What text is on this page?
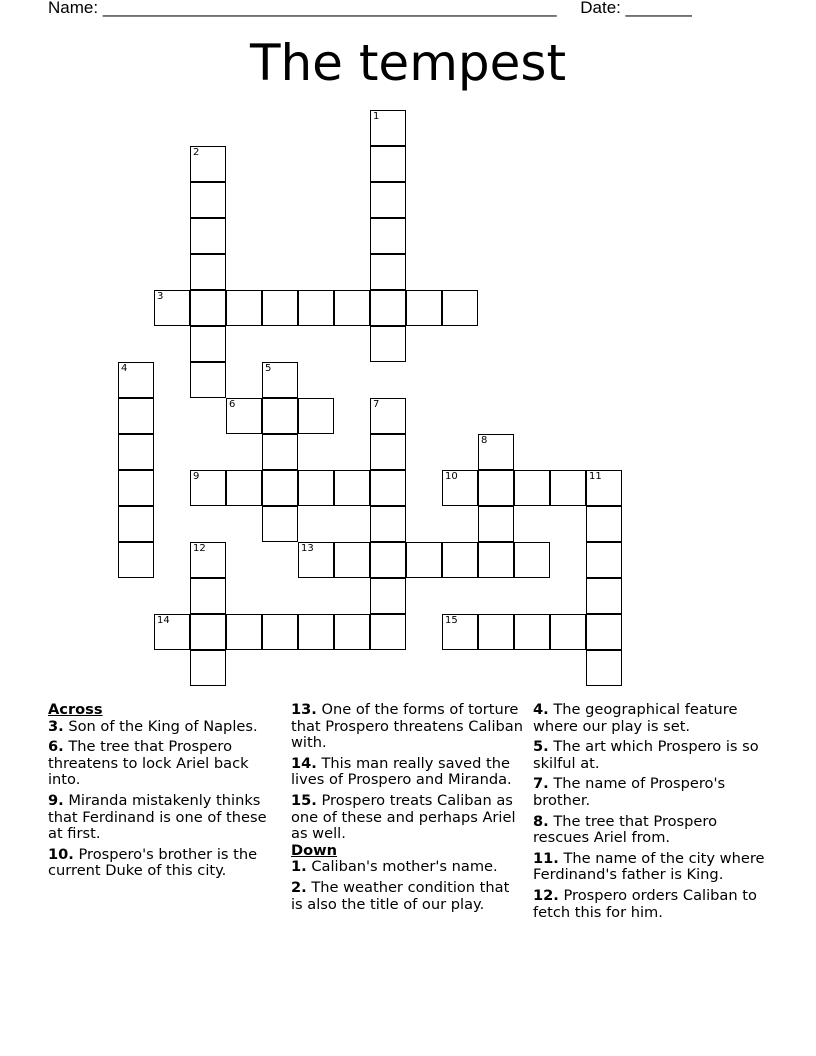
Name: ________________________________________________ Date: _______
The tempest
1
2
3
4	5
6	7
8
9	10	11
12	13
14	15
Across
3. Son of the King of Naples.
6. The tree that Prospero threatens to lock Ariel back into.
9. Miranda mistakenly thinks that Ferdinand is one of these at first.
10. Prospero's brother is the current Duke of this city.
13. One of the forms of torture that Prospero threatens Caliban with.
14. This man really saved the lives of Prospero and Miranda.
15. Prospero treats Caliban as one of these and perhaps Ariel as well.
Down
1. Caliban's mother's name.
2. The weather condition that is also the title of our play.
4. The geographical feature where our play is set.
5. The art which Prospero is so skilful at.
7. The name of Prospero's brother.
8. The tree that Prospero rescues Ariel from.
11. The name of the city where Ferdinand's father is King.
12. Prospero orders Caliban to fetch this for him.
